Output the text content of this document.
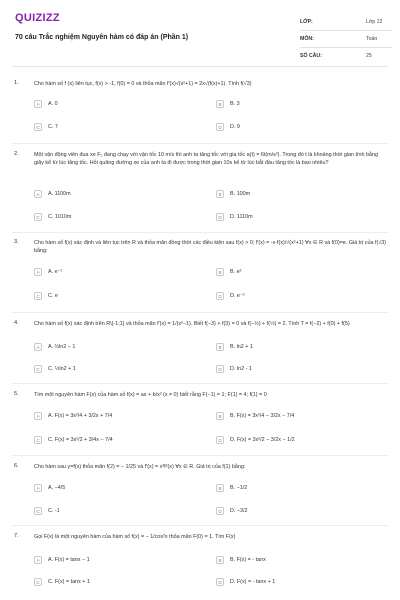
QUIZIZZ
70 câu Trắc nghiệm Nguyên hàm có đáp án (Phần 1)
LỚP:	Lớp 12
MÔN:	Toán
SỐ CÂU:	25
1.	Cho hàm số f (x) liên tục, f(x) > -1, f(0) = 0 và thỏa mãn f'(x)√(x²+1) = 2x√(f(x)+1). Tính f(√3)
A	A. 0	B	B. 3
C	C. 7	D	D. 9
2.	Một vận động viên đua xe F₁ đang chạy với vận tốc 10 m/s thì anh ta tăng tốc với gia tốc a(t) = 6t(m/s²). Trong đó t là khoảng thời gian tính bằng giây kể từ lúc tăng tốc. Hỏi quãng đường xe của anh ta đi được trong thời gian 10s kể từ lúc bắt đầu tăng tốc là bao nhiêu?
A	A. 1100m	B	B. 100m
C	C. 1010m	D	D. 1110m
3.	Cho hàm số f(x) xác định và liên tục trên R và thỏa mãn đồng thời các điều kiện sau f(x) > 0; f'(x) = -x·f(x)/√(x²+1) ∀x ∈ R và f(0)=e. Giá trị của f(√3) bằng:
A	A. e⁻¹	B	B. e²
C	C. e	D	D. e⁻²
4.	Cho hàm số f(x) xác định trên R\{-1;1} và thỏa mãn f'(x) = 1/(x²−1). Biết f(−3) + f(3) = 0 và f(−½) + f(½) = 2. Tính T = f(−2) + f(0) + f(5)
A	A. ½ln2 − 1	B	B. ln2 + 1
C	C. ½ln2 + 1	D	D. ln2 - 1
5.	Tìm một nguyên hàm F(x) của hàm số f(x) = ax + b/x² (x ≠ 0) biết rằng F(−1) = 1; F(1) = 4; f(1) = 0
A	A. F(x) = 3x²/4 + 3/2x + 7/4	B	B. F(x) = 3x²/4 − 3/2x − 7/4
C	C. F(x) = 3x²/2 + 3/4x − 7/4	D	D. F(x) = 3x²/2 − 3/2x − 1/2
6.	Cho hàm sau y=f(x) thỏa mãn f(2) = − 1/25 và f'(x) = x³f²(x) ∀x ∈ R. Giá trị của f(1) bằng:
A	A. −4/5	B	B. −1/2
C	C. -1	D	D. −3/2
7.	Gọi F(x) là một nguyên hàm của hàm số f(x) = − 1/cos²x thỏa mãn F(0) = 1. Tìm F(x)
A	A. F(x) = tanx − 1	B	B. F(x) = - tanx
C	C. F(x) = tanx + 1	D	D. F(x) = - tanx + 1
